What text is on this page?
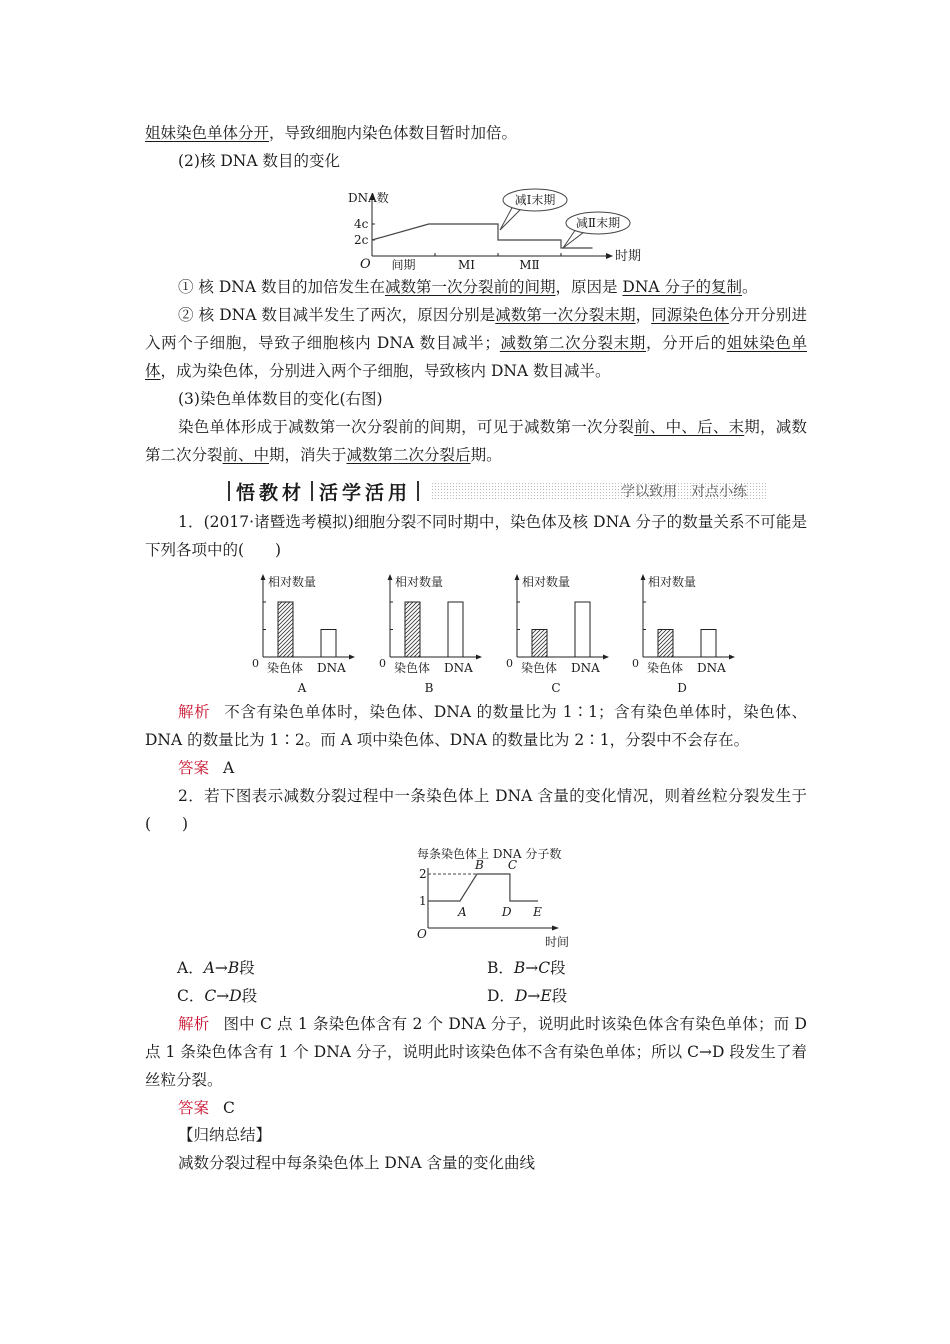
姐妹染色单体分开，导致细胞内染色体数目暂时加倍。
(2)核 DNA 数目的变化
DNA数
时期
O
2c
4c
间期	MⅠ	MⅡ
减Ⅰ末期
减Ⅱ末期
① 核 DNA 数目的加倍发生在减数第一次分裂前的间期，原因是 DNA 分子的复制。
② 核 DNA 数目减半发生了两次，原因分别是减数第一次分裂末期，同源染色体分开分别进入两个子细胞，导致子细胞核内 DNA 数目减半；减数第二次分裂末期，分开后的姐妹染色单体，成为染色体，分别进入两个子细胞，导致核内 DNA 数目减半。
(3)染色单体数目的变化(右图)
染色单体形成于减数第一次分裂前的间期，可见于减数第一次分裂前、中、后、末期，减数第二次分裂前、中期，消失于减数第二次分裂后期。
悟教材 活学活用	学以致用 对点小练
1．(2017·诸暨选考模拟)细胞分裂不同时期中，染色体及核 DNA 分子的数量关系不可能是下列各项中的(　　)
相对数量
0 染色体 DNA
A
相对数量
0 染色体 DNA
B
相对数量
0 染色体 DNA
C
相对数量
0 染色体 DNA
D
解析 不含有染色单体时，染色体、DNA 的数量比为 1∶1；含有染色单体时，染色体、DNA 的数量比为 1∶2。而 A 项中染色体、DNA 的数量比为 2∶1，分裂中不会存在。
答案 A
2．若下图表示减数分裂过程中一条染色体上 DNA 含量的变化情况，则着丝粒分裂发生于(　　)
每条染色体上 DNA 分子数
时间
O
1
2
A
B C
D E
A．A→B段	B．B→C段
C．C→D段	D．D→E段
解析 图中 C 点 1 条染色体含有 2 个 DNA 分子，说明此时该染色体含有染色单体；而 D 点 1 条染色体含有 1 个 DNA 分子，说明此时该染色体不含有染色单体；所以 C→D 段发生了着丝粒分裂。
答案 C
【归纳总结】
减数分裂过程中每条染色体上 DNA 含量的变化曲线
